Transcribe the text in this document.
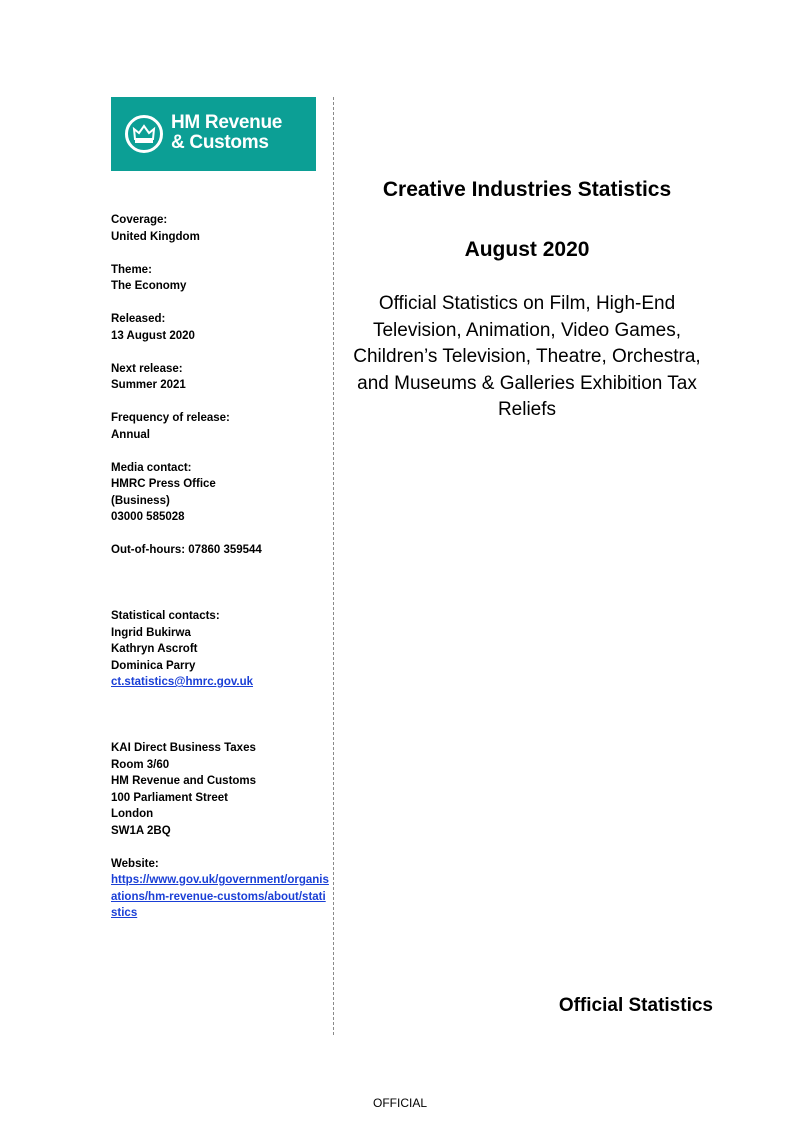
HM Revenue
& Customs
Coverage:
United Kingdom
Theme:
The Economy
Released:
13 August 2020
Next release:
Summer 2021
Frequency of release:
Annual
Media contact:
HMRC Press Office
(Business)
03000 585028
Out-of-hours: 07860 359544
Statistical contacts:
Ingrid Bukirwa
Kathryn Ascroft
Dominica Parry
ct.statistics@hmrc.gov.uk
KAI Direct Business Taxes
Room 3/60
HM Revenue and Customs
100 Parliament Street
London
SW1A 2BQ
Website:
https://www.gov.uk/government/organisations/hm-revenue-customs/about/statistics
Creative Industries Statistics
August 2020
Official Statistics on Film, High-End Television, Animation, Video Games, Children’s Television, Theatre, Orchestra, and Museums & Galleries Exhibition Tax Reliefs
Official Statistics
OFFICIAL
